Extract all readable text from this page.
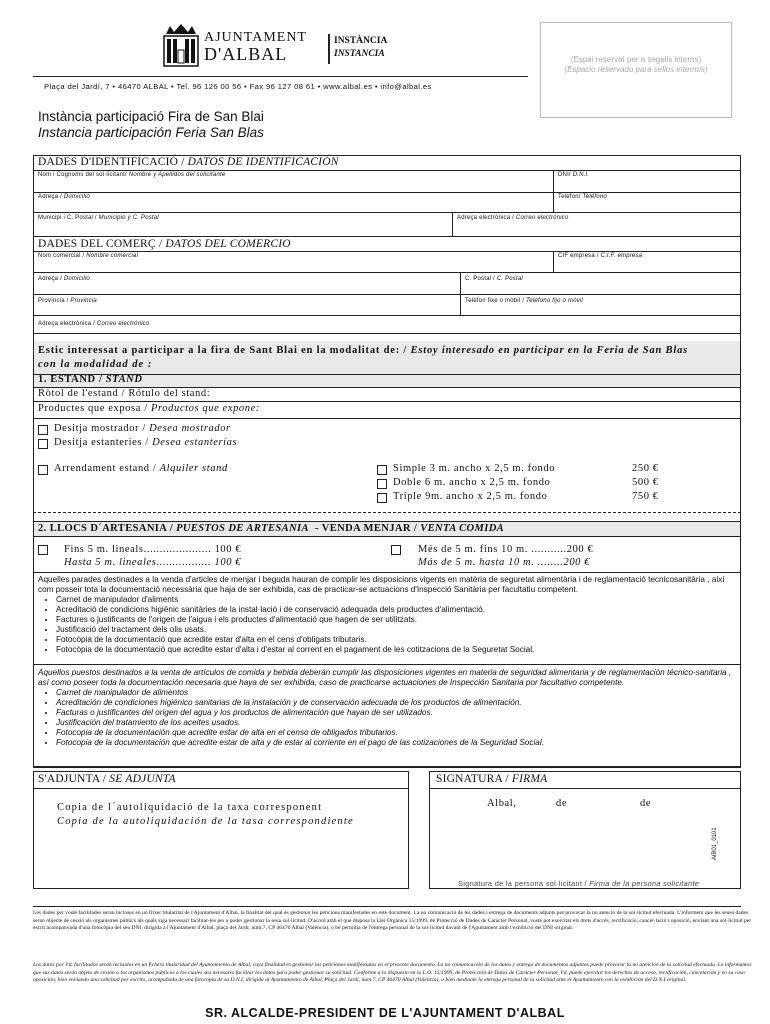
AJUNTAMENT
D'ALBAL
INSTÀNCIA
INSTANCIA
(Espai reservat per a segells interns)
(Espacio reservado para sellos internos)
Plaça del Jardí, 7 • 46470 ALBAL • Tel. 96 126 00 56 • Fax 96 127 08 61 • www.albal.es • info@albal.es
Instància participació Fira de San Blai
Instancia participación Feria San Blas
DADES D'IDENTIFICACIÓ / DATOS DE IDENTIFICACIÓN
Nom i Cognoms del sol·licitant/ Nombre y Apellidos del solicitante	DNI/ D.N.I.
Adreça / Domicilio	Telèfon/ Teléfono
Municipi i C. Postal / Municipio y C. Postal	Adreça electrònica / Correo electrónico
DADES DEL COMERÇ / DATOS DEL COMERCIO
Nom comercial / Nombre comercial	CIF empresa / C.I.F. empresa
Adreça / Domicilio	C. Postal / C. Postal
Província / Provincia	Telèfon fixe o mòbil / Teléfono fijo o móvil
Adreça electrònica / Correo electrónico
Estic interessat a participar a la fira de Sant Blai en la modalitat de: / Estoy interesado en participar en la Feria de San Blas
con la modalidad de :
1. ESTAND / STAND
Ròtol de l'estand / Rótulo del stand:
Productes que exposa / Productos que expone:
Desitja mostrador / Desea mostrador
Desitja estanteries / Desea estanterías
Arrendament estand / Alquiler stand	Simple 3 m. ancho x 2,5 m. fondo	250 €
Doble 6 m. ancho x 2,5 m. fondo	500 €
Triple 9m. ancho x 2,5 m. fondo	750 €
2. LLOCS D´ARTESANIA / PUESTOS DE ARTESANIA - VENDA MENJAR / VENTA COMIDA
Fins 5 m. lineals..................... 100 €
Hasta 5 m. lineales................. 100 €
Més de 5 m. fins 10 m. ...........200 €
Más de 5 m. hasta 10 m. ........200 €
Aquelles parades destinades a la venda d'articles de menjar i beguda hauran de complir les disposicions vigents en matèria de seguretat alimentària i de reglamentació tecnicosanitària , així com posseir tota la documentació necessària que haja de ser exhibida, cas de practicar-se actuacions d'Inspecció Sanitària per facultatiu competent.
• Carnet de manipulador d'aliments
• Acreditació de condicions higiènic sanitàries de la instal·lació i de conservació adequada dels productes d'alimentació.
• Factures o justificants de l'origen de l'aigua i els productes d'alimentació que hagen de ser utilitzats.
• Justificació del tractament dels olis usats.
• Fotocòpia de la documentació que acredite estar d'alta en el cens d'obligats tributaris.
• Fotocòpia de la documentació que acredite estar d'alta i d'estar al corrent en el pagament de les cotitzacions de la Seguretat Social.
Aquellos puestos destinados a la venta de artículos de comida y bebida deberán cumplir las disposiciones vigentes en materia de seguridad alimentaria y de reglamentación técnico-sanitaria , así como poseer toda la documentación necesaria que haya de ser exhibida, caso de practicarse actuaciones de Inspección Sanitaria por facultativo competente.
• Carnet de manipulador de alimentos
• Acreditación de condiciones higiénico sanitarias de la instalación y de conservación adecuada de los productos de alimentación.
• Facturas o justificantes del origen del agua y los productos de alimentación que hayan de ser utilizados.
• Justificación del tratamiento de los aceites usados.
• Fotocopia de la documentación que acredite estar de alta en el censo de obligados tributarios.
• Fotocopia de la documentación que acredite estar de alta y de estar al corriente en el pago de las cotizaciones de la Seguridad Social.
S'ADJUNTA / SE ADJUNTA
Copia de l´autoliquidació de la taxa corresponent
Copia de la autoliquidación de la tasa correspondiente
SIGNATURA / FIRMA
Albal,	de	de
Signatura de la persona sol·licitant / Firma de la persona solicitante
AlB01_0101
Les dades per vosté facilitades seran incloses en un fitxer titularitat de l'Ajuntament d'Albal, la finalitat del qual és gestionar les peticions manifestades en este document. La no comunicació de les dades i entrega de documents adjunts pot provocar la no atenció de la sol·licitud efectuada. L'informem que les seues dades seran objecte de cessió als organismes públics als quals siga necessari facilitar-les per a poder gestionar la seua sol·licitud. D'acord amb el que disposa la Llei Orgànica 15/1999, de Protecció de Dades de Caràcter Personal, vosté pot exercitar els drets d'accés, rectificació, cancel·lació i oposició, enviant una sol·licitud per escrit acompanyada d'una fotocòpia del seu DNI, dirigida a l'Ajuntament d'Albal, plaça del Jardí, núm.7, CP 46470 Albal (València), o bé permitja de l'entrega personal de la sol·licitud davant de l'Ajuntament amb l'exhibició del DNI original.
Los datos por Vd. facilitados serán incluidos en un fichero titularidad del Ayuntamiento de Albal, cuya finalidad es gestionar las peticiones manifestadas en el presente documento. La no comunicación de los datos y entrega de documentos adjuntos puede provocar la no atención de la solicitud efectuada. Le informamos que sus datos serán objeto de cesión a los organismos públicos a los cuales sea necesario facilitar los datos para poder gestionar su solicitud. Conforme a lo dispuesto en la L.O. 15/1999, de Protección de Datos de Carácter Personal, Vd. puede ejercitar los derechos de acceso, rectificación, cancelación y en su caso oposición, bien enviando una solicitud por escrito, acompañada de una fotocopia de su D.N.I, dirigida al Ayuntamiento de Albal, Plaça del Jardí, núm.7, CP 46470 Albal (Valencia), o bien mediante la entrega personal de la solicitud ante el Ayuntamiento con la exhibición del D.N.I original.
SR. ALCALDE-PRESIDENT DE L'AJUNTAMENT D'ALBAL
